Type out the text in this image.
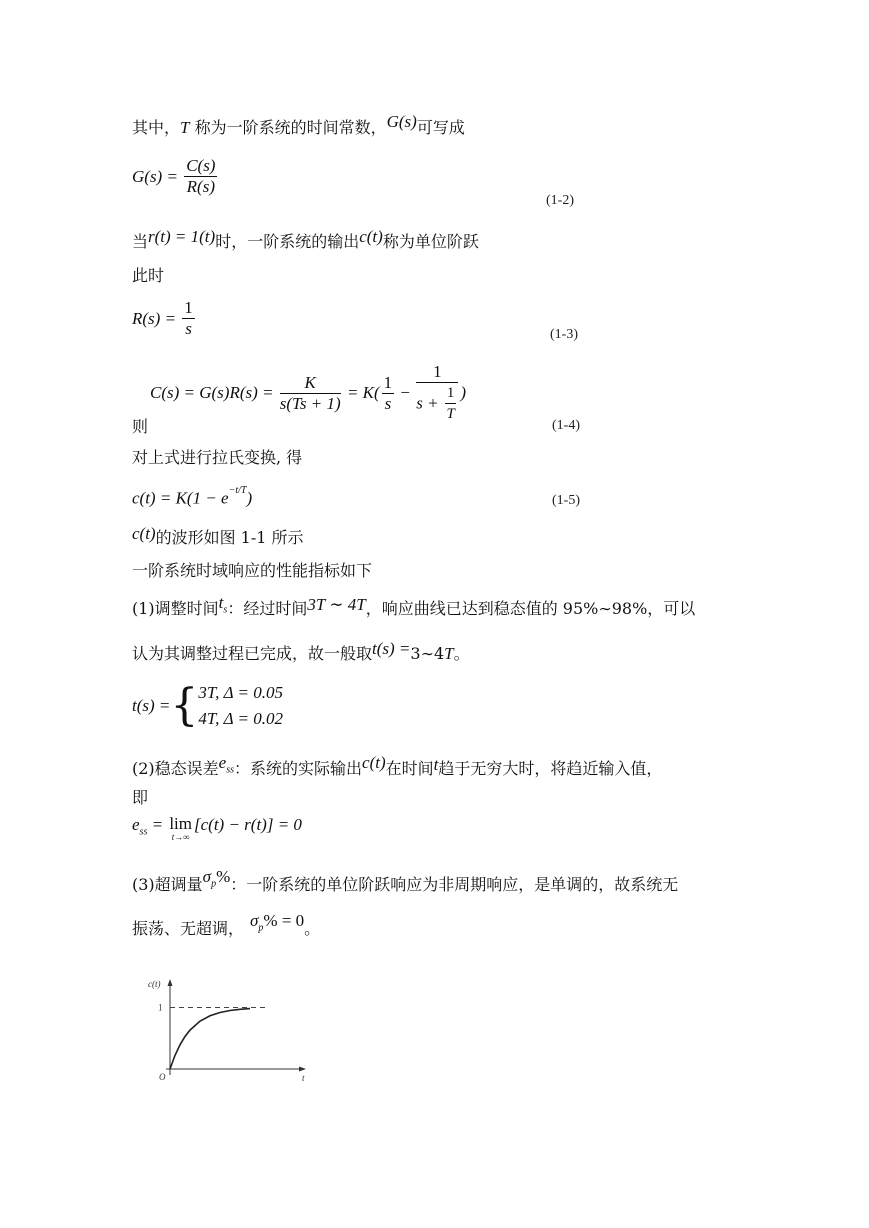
其中，T 称为一阶系统的时间常数，G(s)可写成
$G(s) = \frac{C(s)}{R(s)}$
(1-2)
当r(t) = 1(t)时，一阶系统的输出c(t)称为单位阶跃
此时
$R(s) = \frac{1}{s}$	(1-3)
$C(s) = G(s)R(s) = \frac{K}{s(Ts + 1)} = K( \frac{1}{s} - \frac{1}{s + \frac{1}{T}}$ )
则	(1-4)
对上式进行拉氏变换, 得
$c(t) = K(1 - e^{-t/T})$	(1-5)
c(t)的波形如图 1-1 所示
一阶系统时域响应的性能指标如下
(1)调整时间$t_s$：经过时间3T ∼ 4T，响应曲线已达到稳态值的 95%∼98%，可以
认为其调整过程已完成，故一般取t(s) =3∼4T。
t(s) ={ 3T, Δ = 0.05
4T, Δ = 0.02
(2)稳态误差$e_{ss}$：系统的实际输出c(t)在时间t趋于无穷大时，将趋近输入值，
即
$e_{ss} = \lim$
t→∞
[c(t) − r(t)] = 0
(3)超调量$\sigma_p\%$：一阶系统的单位阶跃响应为非周期响应，是单调的，故系统无
振荡、无超调， $\sigma_p\% = 0$。
c(t)
t
O
1
